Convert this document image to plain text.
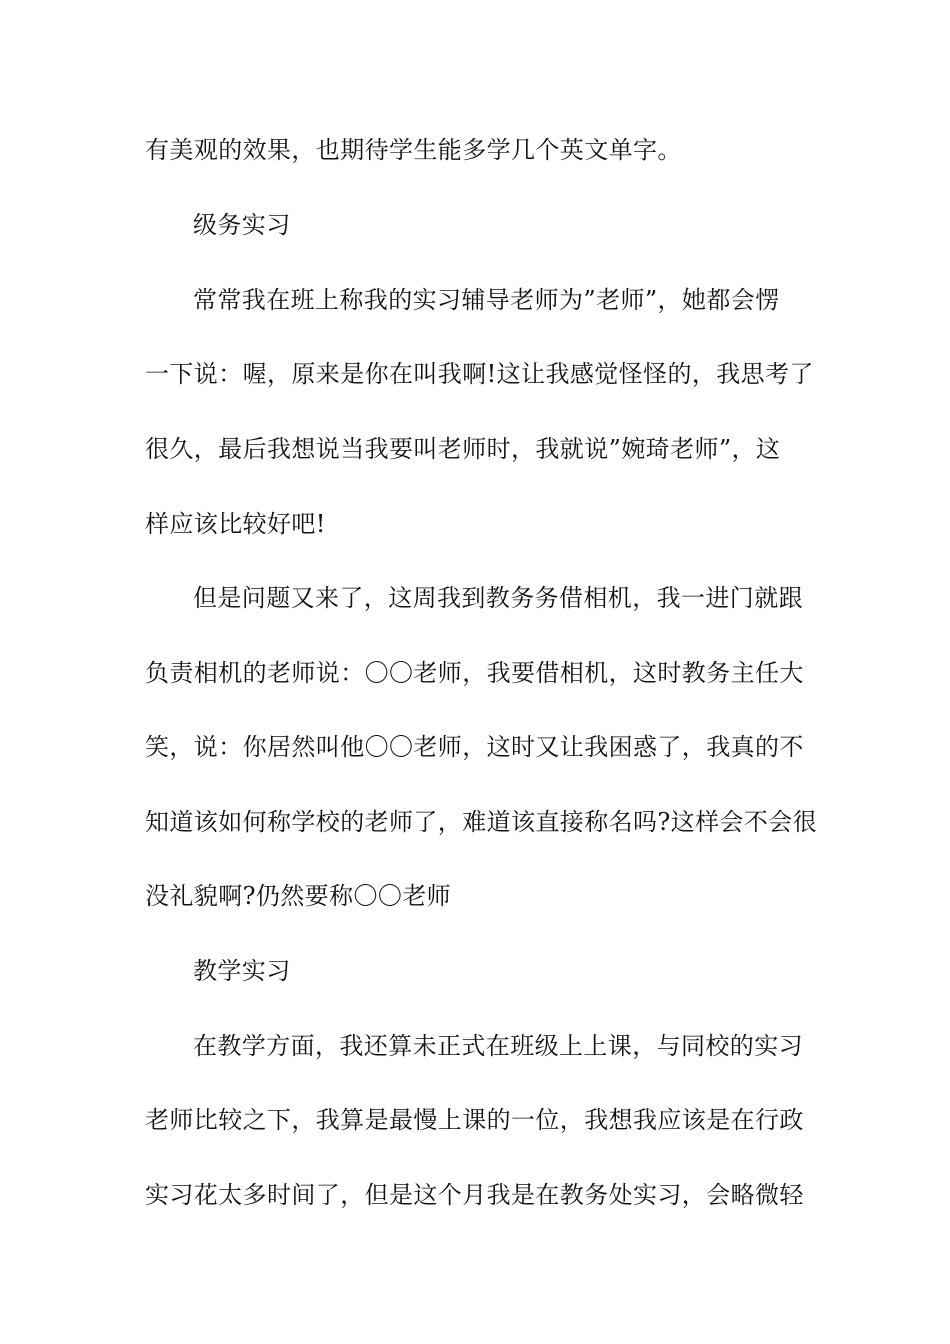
有美观的效果，也期待学生能多学几个英文单字。
级务实习
常常我在班上称我的实习辅导老师为”老师”，她都会愣
一下说：喔，原来是你在叫我啊!这让我感觉怪怪的，我思考了
很久，最后我想说当我要叫老师时，我就说”婉琦老师”，这
样应该比较好吧!
但是问题又来了，这周我到教务务借相机，我一进门就跟
负责相机的老师说：〇〇老师，我要借相机，这时教务主任大
笑，说：你居然叫他〇〇老师，这时又让我困惑了，我真的不
知道该如何称学校的老师了，难道该直接称名吗?这样会不会很
没礼貌啊?仍然要称〇〇老师
教学实习
在教学方面，我还算未正式在班级上上课，与同校的实习
老师比较之下，我算是最慢上课的一位，我想我应该是在行政
实习花太多时间了，但是这个月我是在教务处实习，会略微轻
